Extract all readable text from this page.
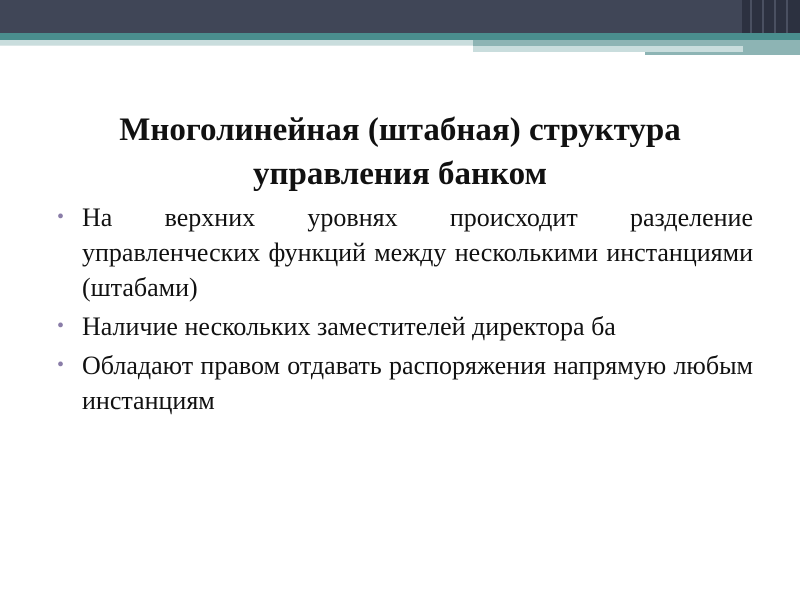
Многолинейная (штабная) структура управления банком
• На верхних уровнях происходит разделение управленческих функций между несколькими инстанциями (штабами)
• Наличие нескольких заместителей директора ба
• Обладают правом отдавать распоряжения напрямую любым инстанциям
